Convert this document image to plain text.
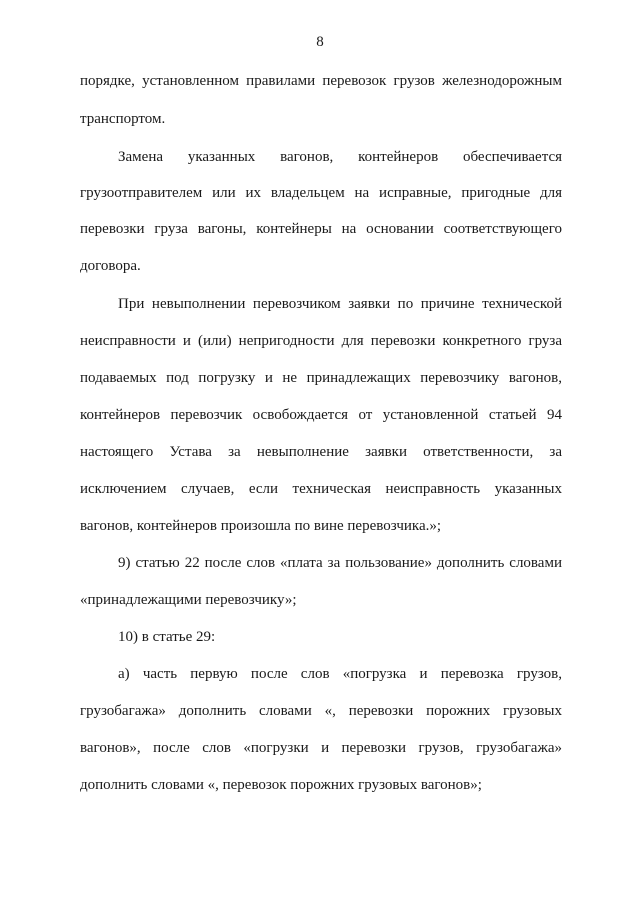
8
порядке, установленном правилами перевозок грузов железнодорожным
транспортом.
Замена указанных вагонов, контейнеров обеспечивается
грузоотправителем или их владельцем на исправные, пригодные для
перевозки груза вагоны, контейнеры на основании соответствующего
договора.
При невыполнении перевозчиком заявки по причине технической
неисправности и (или) непригодности для перевозки конкретного груза
подаваемых под погрузку и не принадлежащих перевозчику вагонов,
контейнеров перевозчик освобождается от установленной статьей 94
настоящего Устава за невыполнение заявки ответственности, за
исключением случаев, если техническая неисправность указанных
вагонов, контейнеров произошла по вине перевозчика.»;
9) статью 22 после слов «плата за пользование» дополнить словами
«принадлежащими перевозчику»;
10) в статье 29:
а) часть первую после слов «погрузка и перевозка грузов,
грузобагажа» дополнить словами «, перевозки порожних грузовых
вагонов», после слов «погрузки и перевозки грузов, грузобагажа»
дополнить словами «, перевозок порожних грузовых вагонов»;
